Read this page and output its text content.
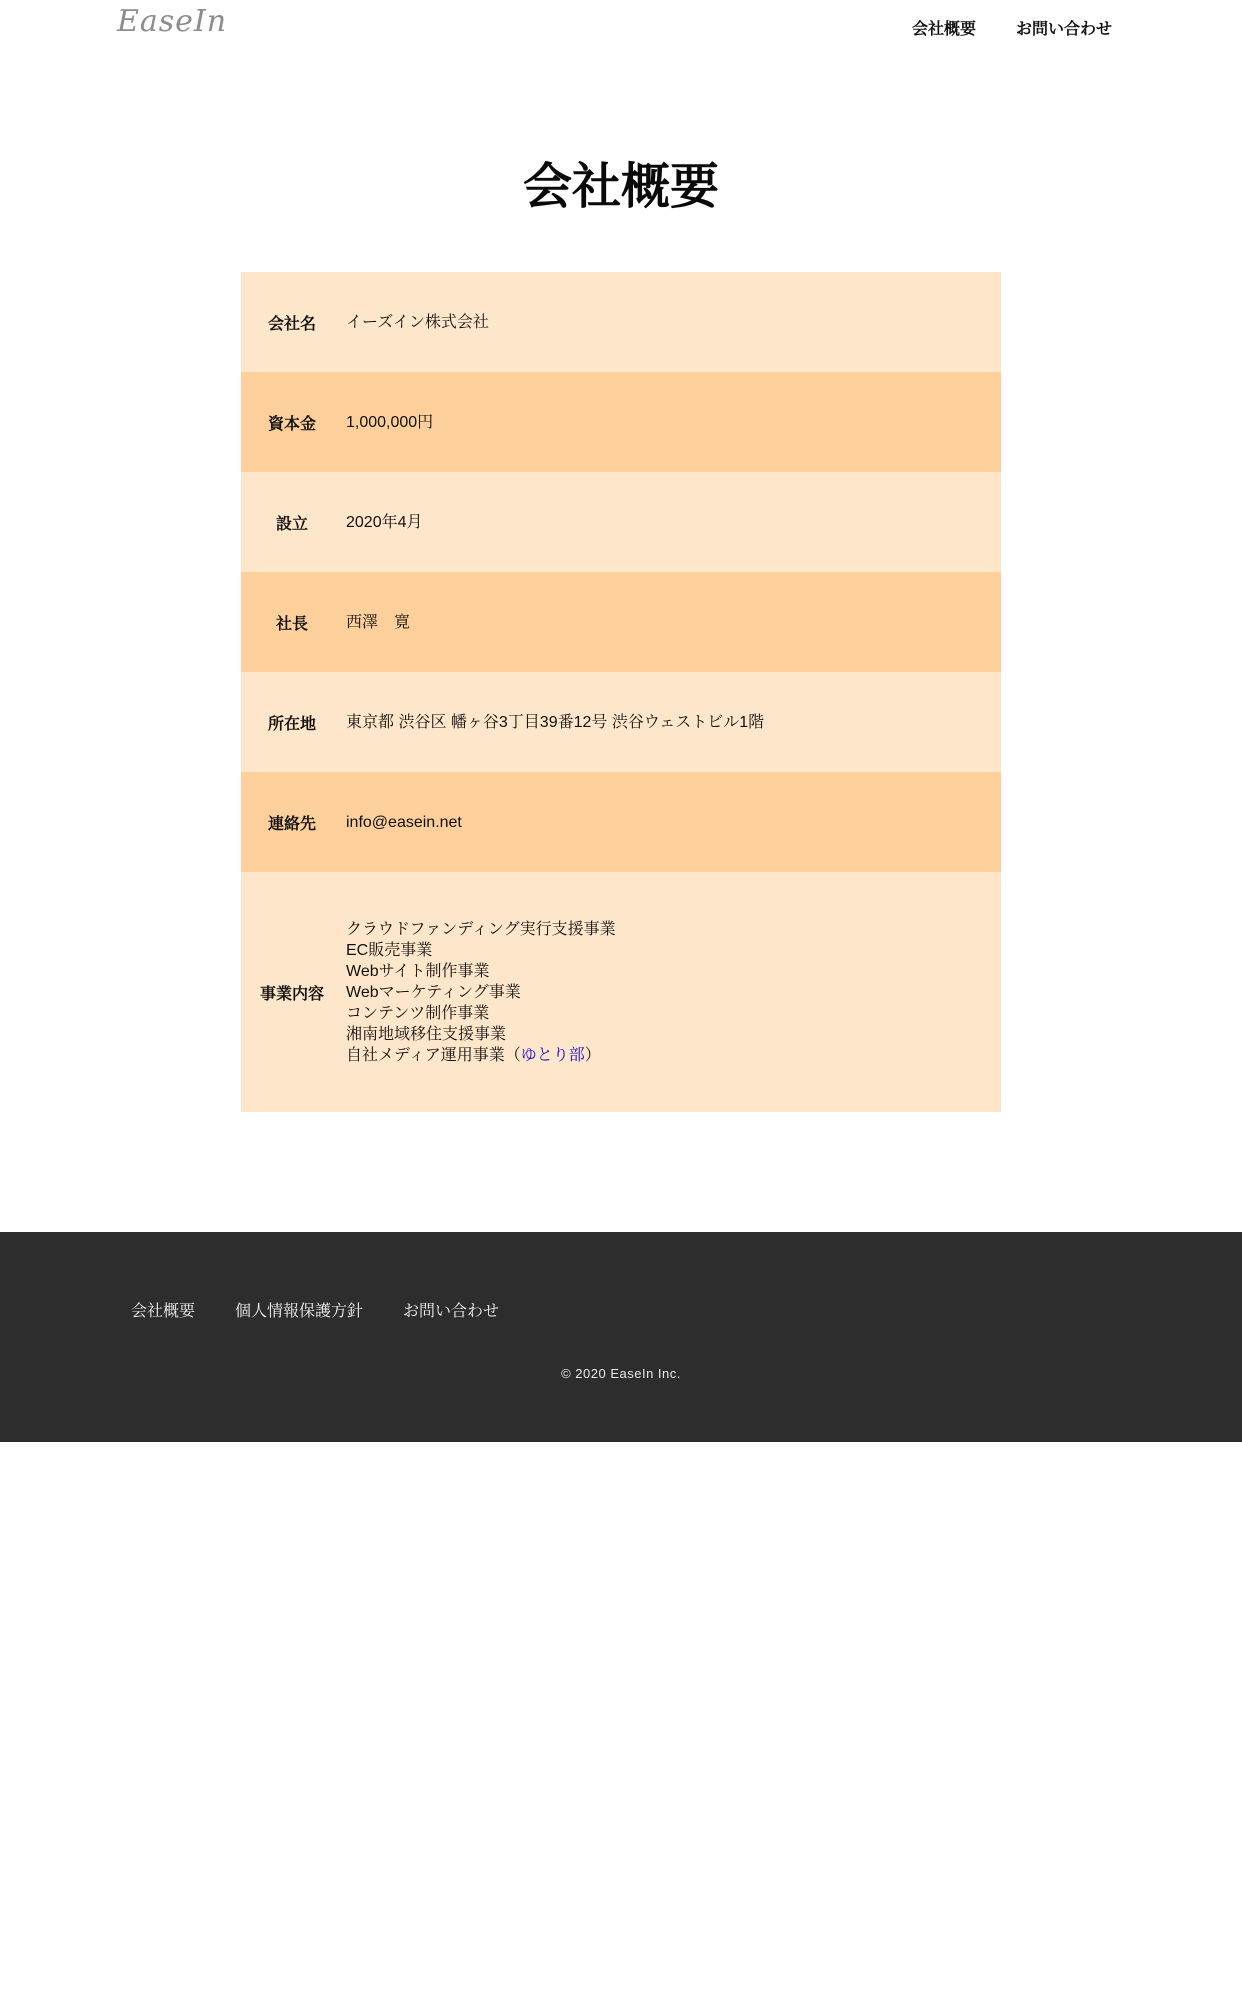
EaseIn	会社概要	お問い合わせ
会社概要
会社名	イーズイン株式会社
資本金	1,000,000円
設立	2020年4月
社長	西澤　寛
所在地	東京都 渋谷区 幡ヶ谷3丁目39番12号 渋谷ウェストビル1階
連絡先	info@easein.net
事業内容
クラウドファンディング実行支援事業
EC販売事業
Webサイト制作事業
Webマーケティング事業
コンテンツ制作事業
湘南地域移住支援事業
自社メディア運用事業（ゆとり部）
会社概要	個人情報保護方針	お問い合わせ
© 2020 EaseIn Inc.
